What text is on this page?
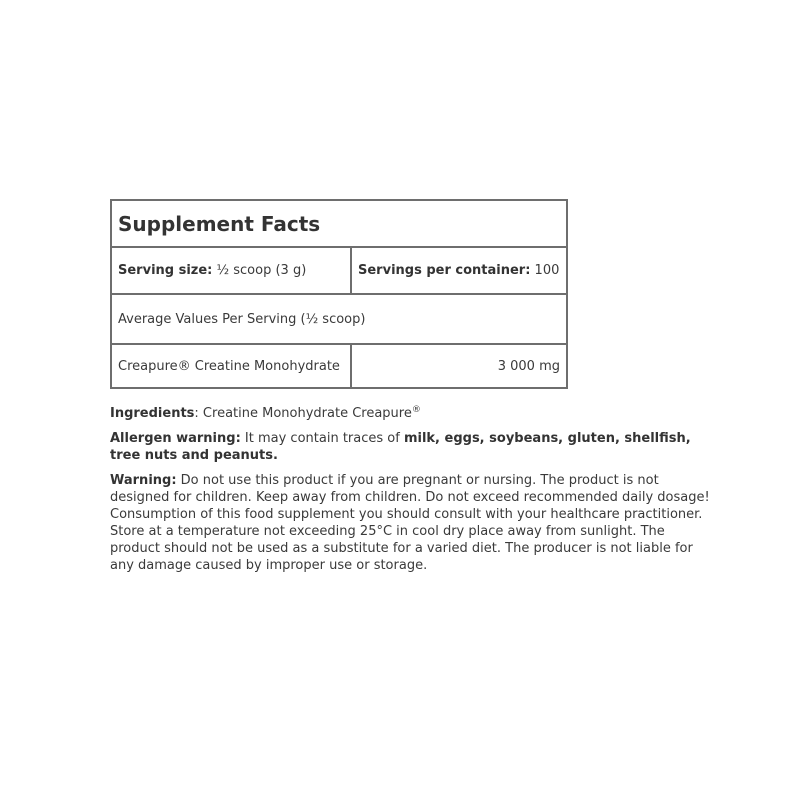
Supplement Facts	
Serving size: ½ scoop (3 g)	Servings per container: 100
Average Values Per Serving (½ scoop)	
Creapure® Creatine Monohydrate	3 000 mg

Ingredients: Creatine Monohydrate Creapure®

Allergen warning: It may contain traces of milk, eggs, soybeans, gluten, shellfish, tree nuts and peanuts.

Warning: Do not use this product if you are pregnant or nursing. The product is not designed for children. Keep away from children. Do not exceed recommended daily dosage! Consumption of this food supplement you should consult with your healthcare practitioner. Store at a temperature not exceeding 25°C in cool dry place away from sunlight. The product should not be used as a substitute for a varied diet. The producer is not liable for any damage caused by improper use or storage.
